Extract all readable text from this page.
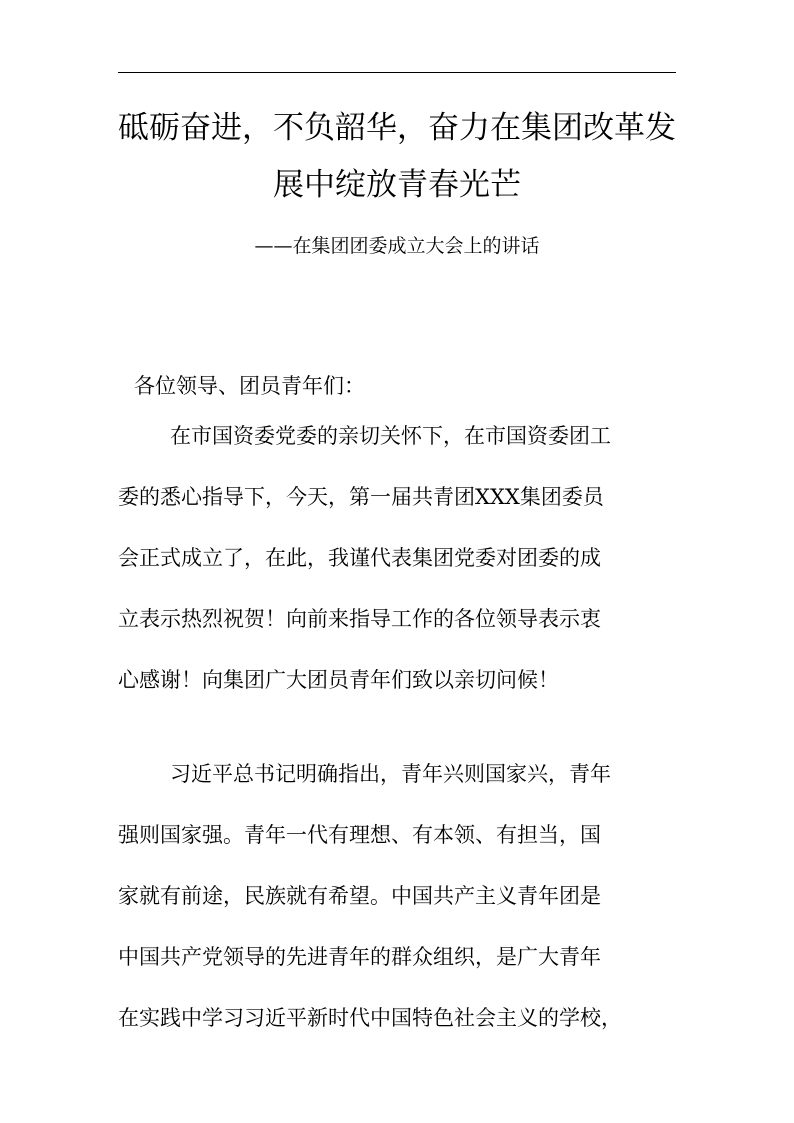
砥砺奋进，不负韶华，奋力在集团改革发
展中绽放青春光芒
——在集团团委成立大会上的讲话
各位领导、团员青年们：
在市国资委党委的亲切关怀下，在市国资委团工
委的悉心指导下，今天，第一届共青团XXX集团委员
会正式成立了，在此，我谨代表集团党委对团委的成
立表示热烈祝贺！向前来指导工作的各位领导表示衷
心感谢！向集团广大团员青年们致以亲切问候！
习近平总书记明确指出，青年兴则国家兴，青年
强则国家强。青年一代有理想、有本领、有担当，国
家就有前途，民族就有希望。中国共产主义青年团是
中国共产党领导的先进青年的群众组织，是广大青年
在实践中学习习近平新时代中国特色社会主义的学校，
